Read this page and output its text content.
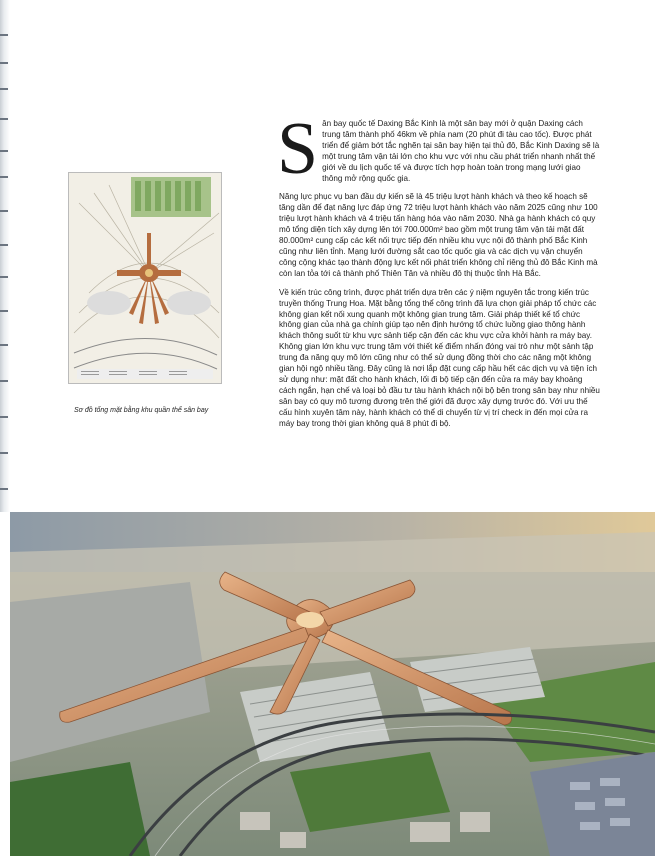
Sơ đồ tổng mặt bằng khu quần thể sân bay

Sân bay quốc tế Daxing Bắc Kinh là một sân bay mới ở quận Daxing cách trung tâm thành phố 46km về phía nam (20 phút đi tàu cao tốc). Được phát triển để giảm bớt tắc nghẽn tại sân bay hiện tại thủ đô, Bắc Kinh Daxing sẽ là một trung tâm vận tải lớn cho khu vực với nhu cầu phát triển nhanh nhất thế giới về du lịch quốc tế và được tích hợp hoàn toàn trong mạng lưới giao thông mở rộng quốc gia.

Năng lực phục vụ ban đầu dự kiến sẽ là 45 triệu lượt hành khách và theo kế hoạch sẽ tăng dần để đạt năng lực đáp ứng 72 triệu lượt hành khách vào năm 2025 cũng như 100 triệu lượt hành khách và 4 triệu tấn hàng hóa vào năm 2030. Nhà ga hành khách có quy mô tổng diện tích xây dựng lên tới 700.000m² bao gồm một trung tâm vận tải mặt đất 80.000m² cung cấp các kết nối trực tiếp đến nhiều khu vực nội đô thành phố Bắc Kinh cũng như liên tỉnh. Mạng lưới đường sắt cao tốc quốc gia và các dịch vụ vận chuyển công cộng khác tạo thành động lực kết nối phát triển không chỉ riêng thủ đô Bắc Kinh mà còn lan tỏa tới cả thành phố Thiên Tân và nhiều đô thị thuộc tỉnh Hà Bắc.

Về kiến trúc công trình, được phát triển dựa trên các ý niệm nguyên tắc trong kiến trúc truyền thống Trung Hoa. Mặt bằng tổng thể công trình đã lựa chọn giải pháp tổ chức các không gian kết nối xung quanh một không gian trung tâm. Giải pháp thiết kế tổ chức không gian của nhà ga chính giúp tạo nên định hướng tổ chức luồng giao thông hành khách thông suốt từ khu vực sảnh tiếp cận đến các khu vực cửa khởi hành ra máy bay. Không gian lớn khu vực trung tâm với thiết kế điểm nhấn đóng vai trò như một sảnh tập trung đa năng quy mô lớn cũng như có thể sử dụng đồng thời cho các năng một không gian hội ngộ nhiều tầng. Đây cũng là nơi lắp đặt cung cấp hầu hết các dịch vụ và tiện ích sử dụng như: mặt đất cho hành khách, lối đi bộ tiếp cận đến cửa ra máy bay khoảng cách ngắn, hạn chế và loại bỏ đầu tư tàu hành khách nội bộ bên trong sân bay như nhiều sân bay có quy mô tương đương trên thế giới đã được xây dựng trước đó. Với ưu thế cấu hình xuyên tâm này, hành khách có thể di chuyển từ vị trí check in đến mọi cửa ra máy bay trong thời gian không quá 8 phút đi bộ.
